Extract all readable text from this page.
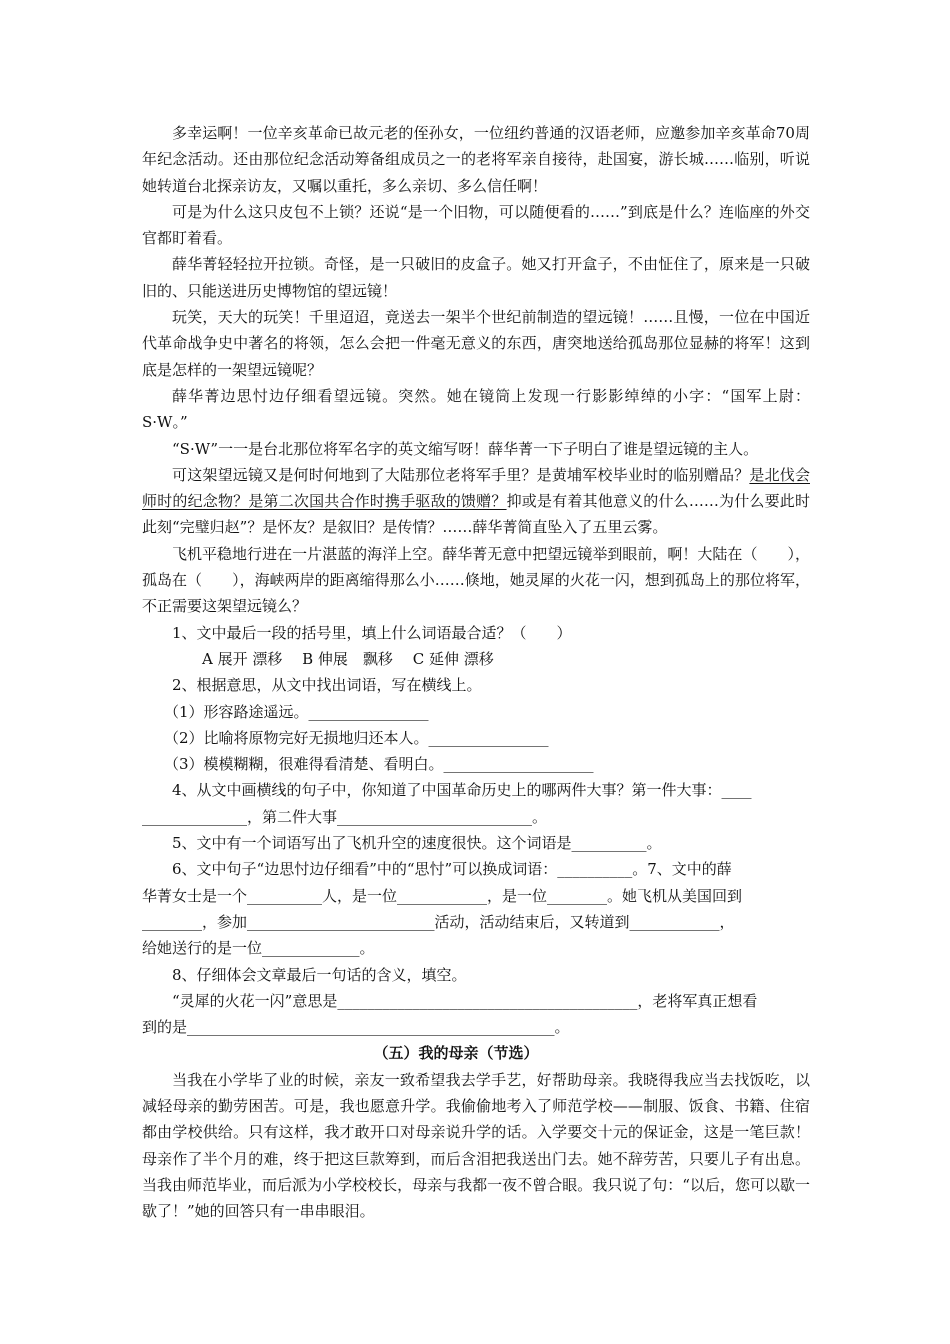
多幸运啊！一位辛亥革命已故元老的侄孙女，一位纽约普通的汉语老师，应邀参加辛亥革命70周年纪念活动。还由那位纪念活动筹备组成员之一的老将军亲自接待，赴国宴，游长城……临别，听说她转道台北探亲访友，又嘱以重托，多么亲切、多么信任啊！

可是为什么这只皮包不上锁？还说“是一个旧物，可以随便看的……”到底是什么？连临座的外交官都盯着看。

薛华菁轻轻拉开拉锁。奇怪，是一只破旧的皮盒子。她又打开盒子，不由怔住了，原来是一只破旧的、只能送进历史博物馆的望远镜！

玩笑，天大的玩笑！千里迢迢，竟送去一架半个世纪前制造的望远镜！……且慢，一位在中国近代革命战争史中著名的将领，怎么会把一件毫无意义的东西，唐突地送给孤岛那位显赫的将军！这到底是怎样的一架望远镜呢？

薛华菁边思忖边仔细看望远镜。突然。她在镜筒上发现一行影影绰绰的小字：“国军上尉：S·W。”

“S·W”一一是台北那位将军名字的英文缩写呀！薛华菁一下子明白了谁是望远镜的主人。

可这架望远镜又是何时何地到了大陆那位老将军手里？是黄埔军校毕业时的临别赠品？是北伐会师时的纪念物？是第二次国共合作时携手驱敌的馈赠？抑或是有着其他意义的什么……为什么要此时此刻“完璧归赵”？是怀友？是叙旧？是传情？……薛华菁简直坠入了五里云雾。

飞机平稳地行进在一片湛蓝的海洋上空。薛华菁无意中把望远镜举到眼前，啊！大陆在（　　），孤岛在（　　），海峡两岸的距离缩得那么小……倏地，她灵犀的火花一闪，想到孤岛上的那位将军，不正需要这架望远镜么？

1、文中最后一段的括号里，填上什么词语最合适？（　　）

A 展开 漂移　 B 伸展　飘移　 C 延伸 漂移

2、根据意思，从文中找出词语，写在横线上。

（1）形容路途遥远。________________

（2）比喻将原物完好无损地归还本人。________________

（3）模模糊糊，很难得看清楚、看明白。____________________

4、从文中画横线的句子中，你知道了中国革命历史上的哪两件大事？第一件大事：____

______________，第二件大事__________________________。

5、文中有一个词语写出了飞机升空的速度很快。这个词语是__________。

6、文中句子“边思忖边仔细看”中的“思忖”可以换成词语：__________。7、文中的薛

华菁女士是一个__________人，是一位____________，是一位________。她飞机从美国回到

________，参加_________________________活动，活动结束后，又转道到____________，

给她送行的是一位_____________。

8、仔细体会文章最后一句话的含义，填空。

“灵犀的火花一闪”意思是________________________________________，老将军真正想看

到的是_________________________________________________。

（五）我的母亲（节选）

当我在小学毕了业的时候，亲友一致希望我去学手艺，好帮助母亲。我晓得我应当去找饭吃，以减轻母亲的勤劳困苦。可是，我也愿意升学。我偷偷地考入了师范学校——制服、饭食、书籍、住宿都由学校供给。只有这样，我才敢开口对母亲说升学的话。入学要交十元的保证金，这是一笔巨款！母亲作了半个月的难，终于把这巨款筹到，而后含泪把我送出门去。她不辞劳苦，只要儿子有出息。当我由师范毕业，而后派为小学校校长，母亲与我都一夜不曾合眼。我只说了句：“以后，您可以歇一歇了！”她的回答只有一串串眼泪。
